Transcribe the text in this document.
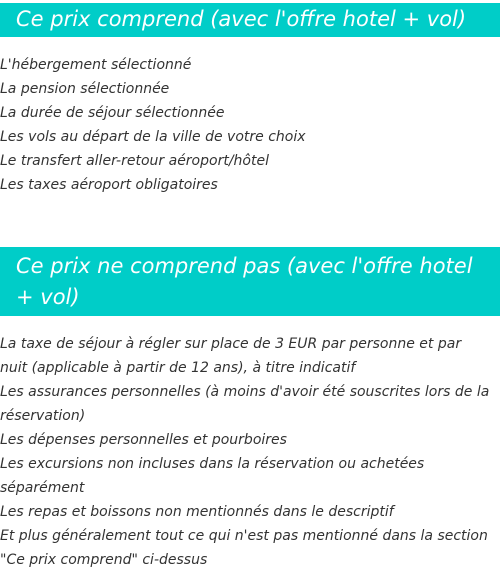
Ce prix comprend (avec l'offre hotel + vol)
L'hébergement sélectionné
La pension sélectionnée
La durée de séjour sélectionnée
Les vols au départ de la ville de votre choix
Le transfert aller-retour aéroport/hôtel
Les taxes aéroport obligatoires
Ce prix ne comprend pas (avec l'offre hotel + vol)
La taxe de séjour à régler sur place de 3 EUR par personne et par nuit (applicable à partir de 12 ans), à titre indicatif
Les assurances personnelles (à moins d'avoir été souscrites lors de la réservation)
Les dépenses personnelles et pourboires
Les excursions non incluses dans la réservation ou achetées séparément
Les repas et boissons non mentionnés dans le descriptif
Et plus généralement tout ce qui n'est pas mentionné dans la section "Ce prix comprend" ci-dessus
